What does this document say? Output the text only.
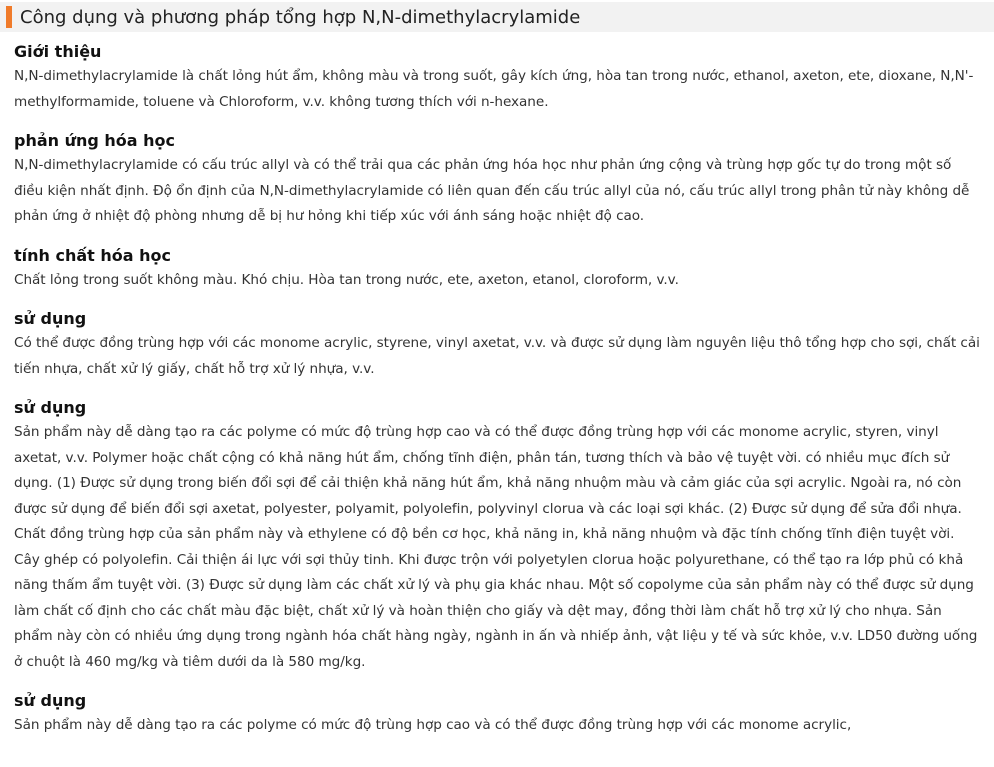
Công dụng và phương pháp tổng hợp N,N-dimethylacrylamide
Giới thiệu
N,N-dimethylacrylamide là chất lỏng hút ẩm, không màu và trong suốt, gây kích ứng, hòa tan trong nước, ethanol, axeton, ete, dioxane, N,N'-methylformamide, toluene và Chloroform, v.v. không tương thích với n-hexane.
phản ứng hóa học
N,N-dimethylacrylamide có cấu trúc allyl và có thể trải qua các phản ứng hóa học như phản ứng cộng và trùng hợp gốc tự do trong một số điều kiện nhất định. Độ ổn định của N,N-dimethylacrylamide có liên quan đến cấu trúc allyl của nó, cấu trúc allyl trong phân tử này không dễ phản ứng ở nhiệt độ phòng nhưng dễ bị hư hỏng khi tiếp xúc với ánh sáng hoặc nhiệt độ cao.
tính chất hóa học
Chất lỏng trong suốt không màu. Khó chịu. Hòa tan trong nước, ete, axeton, etanol, cloroform, v.v.
sử dụng
Có thể được đồng trùng hợp với các monome acrylic, styrene, vinyl axetat, v.v. và được sử dụng làm nguyên liệu thô tổng hợp cho sợi, chất cải tiến nhựa, chất xử lý giấy, chất hỗ trợ xử lý nhựa, v.v.
sử dụng
Sản phẩm này dễ dàng tạo ra các polyme có mức độ trùng hợp cao và có thể được đồng trùng hợp với các monome acrylic, styren, vinyl axetat, v.v. Polymer hoặc chất cộng có khả năng hút ẩm, chống tĩnh điện, phân tán, tương thích và bảo vệ tuyệt vời. có nhiều mục đích sử dụng. (1) Được sử dụng trong biến đổi sợi để cải thiện khả năng hút ẩm, khả năng nhuộm màu và cảm giác của sợi acrylic. Ngoài ra, nó còn được sử dụng để biến đổi sợi axetat, polyester, polyamit, polyolefin, polyvinyl clorua và các loại sợi khác. (2) Được sử dụng để sửa đổi nhựa. Chất đồng trùng hợp của sản phẩm này và ethylene có độ bền cơ học, khả năng in, khả năng nhuộm và đặc tính chống tĩnh điện tuyệt vời. Cây ghép có polyolefin. Cải thiện ái lực với sợi thủy tinh. Khi được trộn với polyetylen clorua hoặc polyurethane, có thể tạo ra lớp phủ có khả năng thấm ẩm tuyệt vời. (3) Được sử dụng làm các chất xử lý và phụ gia khác nhau. Một số copolyme của sản phẩm này có thể được sử dụng làm chất cố định cho các chất màu đặc biệt, chất xử lý và hoàn thiện cho giấy và dệt may, đồng thời làm chất hỗ trợ xử lý cho nhựa. Sản phẩm này còn có nhiều ứng dụng trong ngành hóa chất hàng ngày, ngành in ấn và nhiếp ảnh, vật liệu y tế và sức khỏe, v.v. LD50 đường uống ở chuột là 460 mg/kg và tiêm dưới da là 580 mg/kg.
sử dụng
Sản phẩm này dễ dàng tạo ra các polyme có mức độ trùng hợp cao và có thể được đồng trùng hợp với các monome acrylic,
